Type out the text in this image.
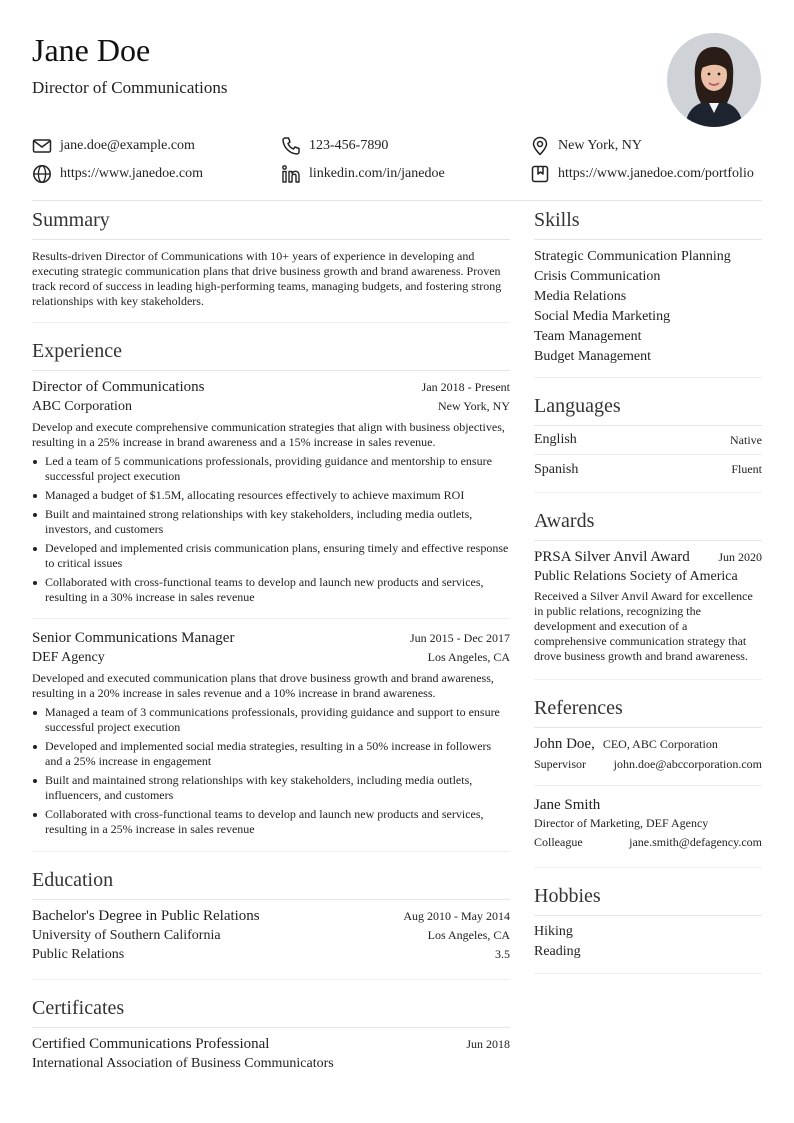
Jane Doe
Director of Communications
jane.doe@example.com	123-456-7890	New York, NY
https://www.janedoe.com	linkedin.com/in/janedoe	https://www.janedoe.com/portfolio
Summary

Results-driven Director of Communications with 10+ years of experience in developing and executing strategic communication plans that drive business growth and brand awareness. Proven track record of success in leading high-performing teams, managing budgets, and fostering strong relationships with key stakeholders.

Experience
Director of Communications	Jan 2018 - Present
ABC Corporation	New York, NY

Develop and execute comprehensive communication strategies that align with business objectives, resulting in a 25% increase in brand awareness and a 15% increase in sales revenue.

Led a team of 5 communications professionals, providing guidance and mentorship to ensure successful project execution
Managed a budget of $1.5M, allocating resources effectively to achieve maximum ROI
Built and maintained strong relationships with key stakeholders, including media outlets, investors, and customers
Developed and implemented crisis communication plans, ensuring timely and effective response to critical issues
Collaborated with cross-functional teams to develop and launch new products and services, resulting in a 30% increase in sales revenue
Senior Communications Manager	Jun 2015 - Dec 2017
DEF Agency	Los Angeles, CA

Developed and executed communication plans that drove business growth and brand awareness, resulting in a 20% increase in sales revenue and a 10% increase in brand awareness.

Managed a team of 3 communications professionals, providing guidance and support to ensure successful project execution
Developed and implemented social media strategies, resulting in a 50% increase in followers and a 25% increase in engagement
Built and maintained strong relationships with key stakeholders, including media outlets, influencers, and customers
Collaborated with cross-functional teams to develop and launch new products and services, resulting in a 25% increase in sales revenue
Education
Bachelor's Degree in Public Relations	Aug 2010 - May 2014
University of Southern California	Los Angeles, CA
Public Relations	3.5
Certificates
Certified Communications Professional	Jun 2018
International Association of Business Communicators
Skills
Strategic Communication Planning
Crisis Communication
Media Relations
Social Media Marketing
Team Management
Budget Management
Languages
English	Native
Spanish	Fluent
Awards
PRSA Silver Anvil Award Jun 2020
Public Relations Society of America

Received a Silver Anvil Award for excellence in public relations, recognizing the development and execution of a comprehensive communication strategy that drove business growth and brand awareness.

References
John Doe, CEO, ABC Corporation
Supervisor john.doe@abccorporation.com
Jane Smith
Director of Marketing, DEF Agency
Colleague	jane.smith@defagency.com
Hobbies
Hiking
Reading
